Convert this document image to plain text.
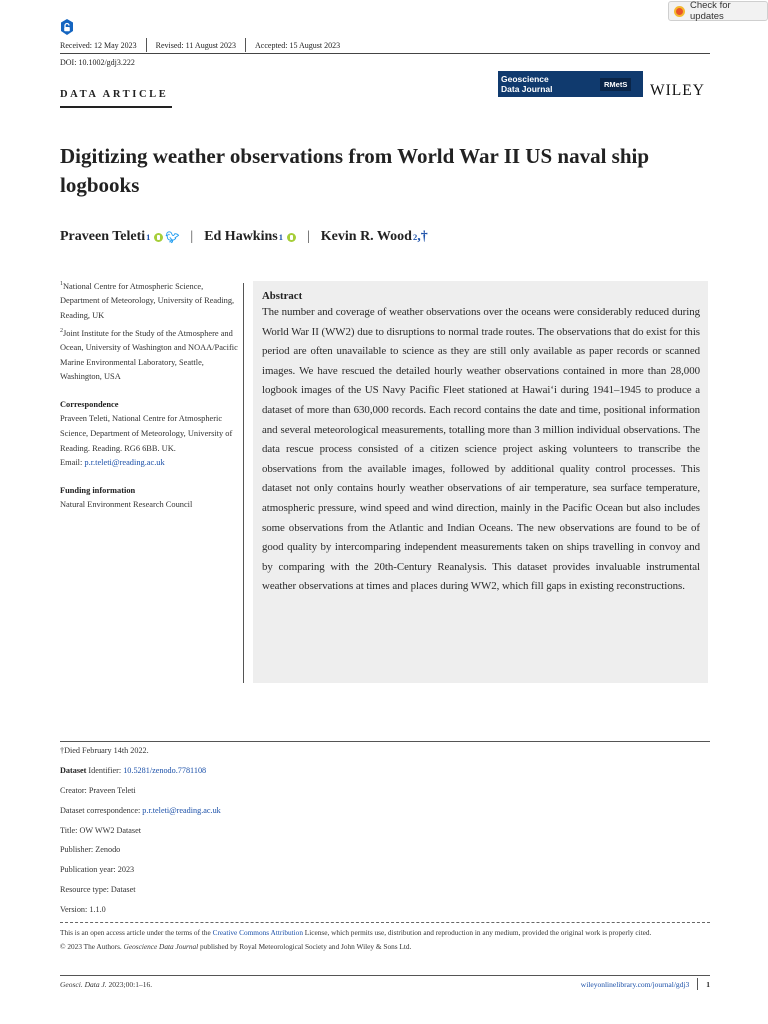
Check for updates
Received: 12 May 2023 Revised: 11 August 2023 Accepted: 15 August 2023
DOI: 10.1002/gdj3.222
DATA ARTICLE
Geoscience
Data Journal	RMetS WILEY
Digitizing weather observations from World War II US naval ship logbooks
Praveen Teleti 1 🐦︎ | Ed Hawkins 1 | Kevin R. Wood 2 ,†
$^1$National Centre for Atmospheric Science, Department of Meteorology, University of Reading, Reading, UK
$^2$Joint Institute for the Study of the Atmosphere and Ocean, University of Washington and NOAA/Pacific Marine Environmental Laboratory, Seattle, Washington, USA
Correspondence
Praveen Teleti, National Centre for Atmospheric Science, Department of Meteorology, University of Reading. Reading. RG6 6BB. UK.
Email: p.r.teleti@reading.ac.uk
Funding information
Natural Environment Research Council
Abstract
The number and coverage of weather observations over the oceans were considerably reduced during World War II (WW2) due to disruptions to normal trade routes. The observations that do exist for this period are often unavailable to science as they are still only available as paper records or scanned images. We have rescued the detailed hourly weather observations contained in more than 28,000 logbook images of the US Navy Pacific Fleet stationed at Hawaiʻi during 1941–1945 to produce a dataset of more than 630,000 records. Each record contains the date and time, positional information and several meteorological measurements, totalling more than 3 million individual observations. The data rescue process consisted of a citizen science project asking volunteers to transcribe the observations from the available images, followed by additional quality control processes. This dataset not only contains hourly weather observations of air temperature, sea surface temperature, atmospheric pressure, wind speed and wind direction, mainly in the Pacific Ocean but also includes some observations from the Atlantic and Indian Oceans. The new observations are found to be of good quality by intercomparing independent measurements taken on ships travelling in convoy and by comparing with the 20th-Century Reanalysis. This dataset provides invaluable instrumental weather observations at times and places during WW2, which fill gaps in existing reconstructions.
†Died February 14th 2022.
Dataset Identifier: 10.5281/zenodo.7781108
Creator: Praveen Teleti
Dataset correspondence: p.r.teleti@reading.ac.uk
Title: OW WW2 Dataset
Publisher: Zenodo
Publication year: 2023
Resource type: Dataset
Version: 1.1.0
This is an open access article under the terms of the Creative Commons Attribution License, which permits use, distribution and reproduction in any medium, provided the original work is properly cited.
© 2023 The Authors. Geoscience Data Journal published by Royal Meteorological Society and John Wiley & Sons Ltd.
Geosci. Data J. 2023;00:1–16.	wileyonlinelibrary.com/journal/gdj3 1
